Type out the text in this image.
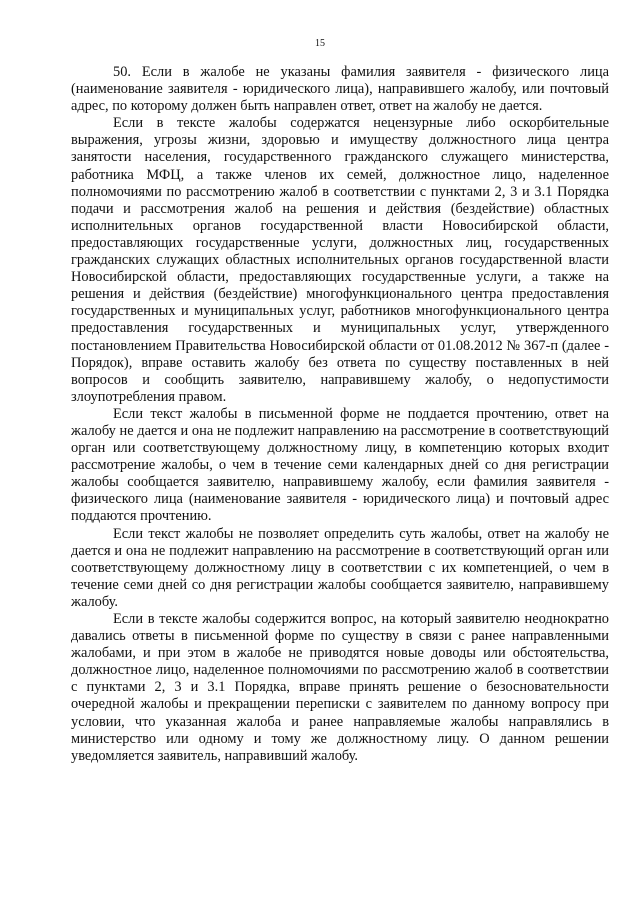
15

50. Если в жалобе не указаны фамилия заявителя - физического лица (наименование заявителя - юридического лица), направившего жалобу, или почтовый адрес, по которому должен быть направлен ответ, ответ на жалобу не дается.

Если в тексте жалобы содержатся нецензурные либо оскорбительные выражения, угрозы жизни, здоровью и имуществу должностного лица центра занятости населения, государственного гражданского служащего министерства, работника МФЦ, а также членов их семей, должностное лицо, наделенное полномочиями по рассмотрению жалоб в соответствии с пунктами 2, 3 и 3.1 Порядка подачи и рассмотрения жалоб на решения и действия (бездействие) областных исполнительных органов государственной власти Новосибирской области, предоставляющих государственные услуги, должностных лиц, государственных гражданских служащих областных исполнительных органов государственной власти Новосибирской области, предоставляющих государственные услуги, а также на решения и действия (бездействие) многофункционального центра предоставления государственных и муниципальных услуг, работников многофункционального центра предоставления государственных и муниципальных услуг, утвержденного постановлением Правительства Новосибирской области от 01.08.2012 № 367-п (далее - Порядок), вправе оставить жалобу без ответа по существу поставленных в ней вопросов и сообщить заявителю, направившему жалобу, о недопустимости злоупотребления правом.

Если текст жалобы в письменной форме не поддается прочтению, ответ на жалобу не дается и она не подлежит направлению на рассмотрение в соответствующий орган или соответствующему должностному лицу, в компетенцию которых входит рассмотрение жалобы, о чем в течение семи календарных дней со дня регистрации жалобы сообщается заявителю, направившему жалобу, если фамилия заявителя - физического лица (наименование заявителя - юридического лица) и почтовый адрес поддаются прочтению.

Если текст жалобы не позволяет определить суть жалобы, ответ на жалобу не дается и она не подлежит направлению на рассмотрение в соответствующий орган или соответствующему должностному лицу в соответствии с их компетенцией, о чем в течение семи дней со дня регистрации жалобы сообщается заявителю, направившему жалобу.

Если в тексте жалобы содержится вопрос, на который заявителю неоднократно давались ответы в письменной форме по существу в связи с ранее направленными жалобами, и при этом в жалобе не приводятся новые доводы или обстоятельства, должностное лицо, наделенное полномочиями по рассмотрению жалоб в соответствии с пунктами 2, 3 и 3.1 Порядка, вправе принять решение о безосновательности очередной жалобы и прекращении переписки с заявителем по данному вопросу при условии, что указанная жалоба и ранее направляемые жалобы направлялись в министерство или одному и тому же должностному лицу. О данном решении уведомляется заявитель, направивший жалобу.
